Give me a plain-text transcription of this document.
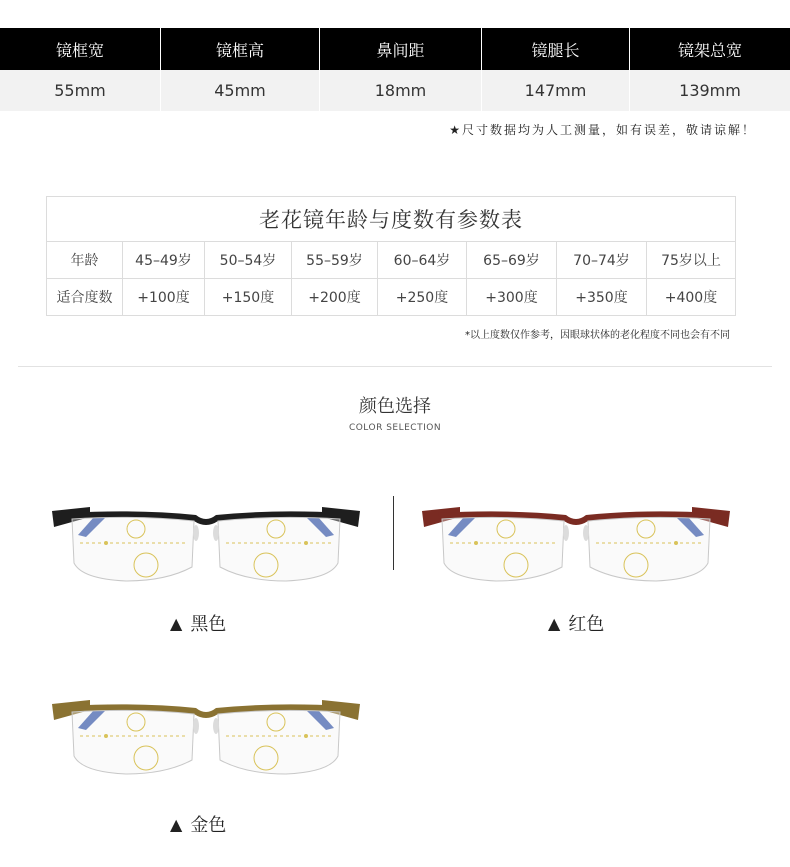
镜框宽	镜框高	鼻间距	镜腿长	镜架总宽
55mm	45mm	18mm	147mm	139mm
★尺寸数据均为人工测量，如有误差，敬请谅解！
老花镜年龄与度数有参数表
年龄	45–49岁	50–54岁	55–59岁	60–64岁	65–69岁	70–74岁	75岁以上
适合度数	+100度	+150度	+200度	+250度	+300度	+350度	+400度
*以上度数仅作参考，因眼球状体的老化程度不同也会有不同
颜色选择
COLOR SELECTION
▲ 黑色	▲ 红色
▲ 金色
